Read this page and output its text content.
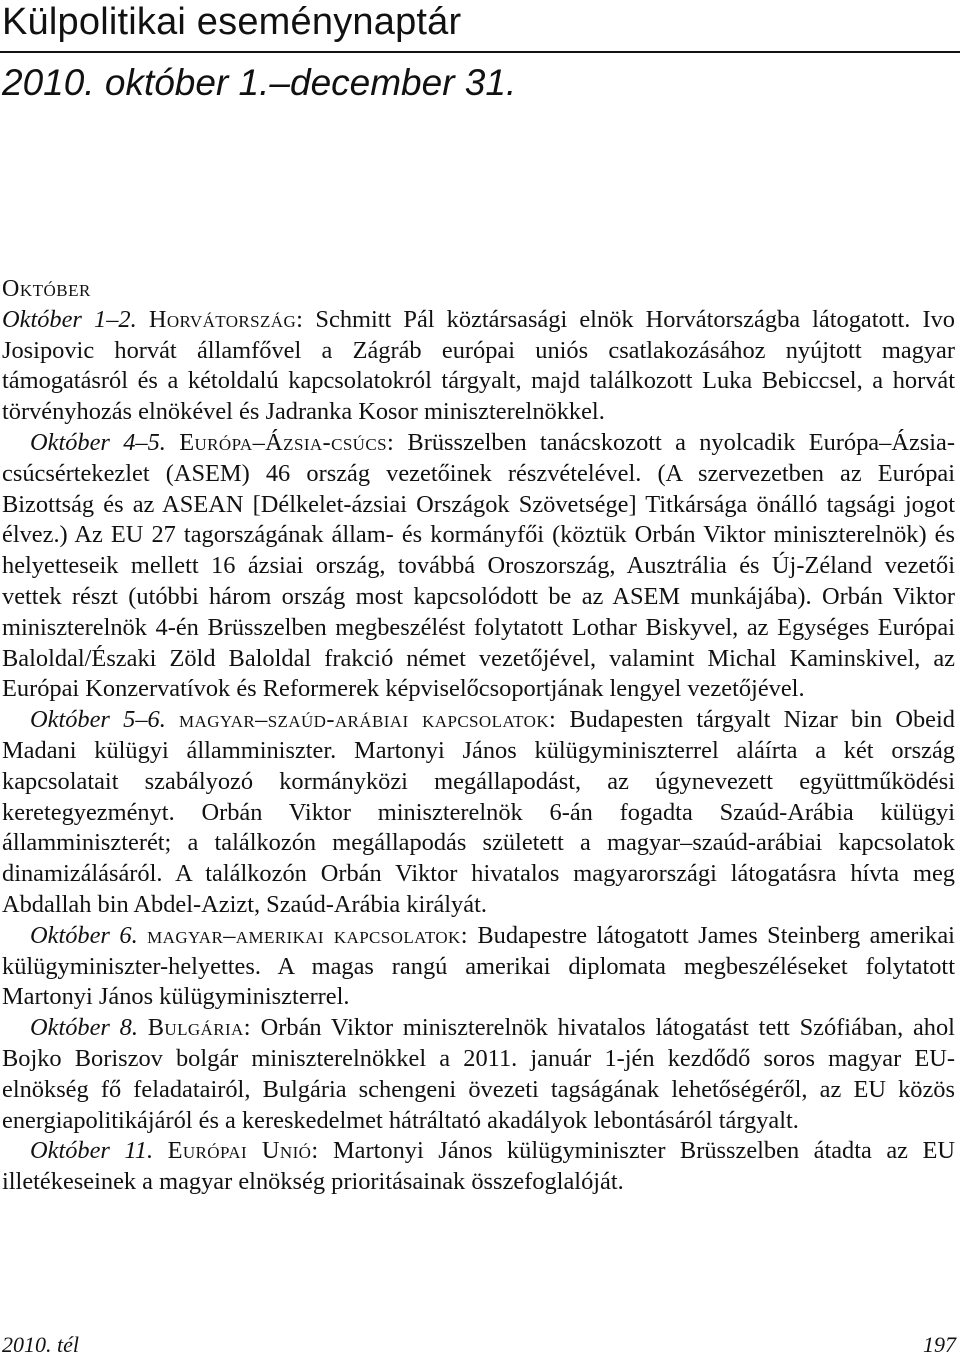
Külpolitikai eseménynaptár
2010. október 1.–december 31.
Október

Október 1–2. Horvátország: Schmitt Pál köztársasági elnök Horvátországba látogatott. Ivo Josipovic horvát államfővel a Zágráb európai uniós csatlakozásához nyújtott magyar támogatásról és a kétoldalú kapcsolatokról tárgyalt, majd találkozott Luka Bebiccsel, a horvát törvényhozás elnökével és Jadranka Kosor miniszterelnökkel.

Október 4–5. Európa–Ázsia-csúcs: Brüsszelben tanácskozott a nyolcadik Európa–Ázsia-csúcsértekezlet (ASEM) 46 ország vezetőinek részvételével. (A szervezetben az Európai Bizottság és az ASEAN [Délkelet-ázsiai Országok Szövetsége] Titkársága önálló tagsági jogot élvez.) Az EU 27 tagországának állam- és kormányfői (köztük Orbán Viktor miniszterelnök) és helyetteseik mellett 16 ázsiai ország, továbbá Oroszország, Ausztrália és Új-Zéland vezetői vettek részt (utóbbi három ország most kapcsolódott be az ASEM munkájába). Orbán Viktor miniszterelnök 4-én Brüsszelben megbeszélést folytatott Lothar Biskyvel, az Egységes Európai Baloldal/Északi Zöld Baloldal frakció német vezetőjével, valamint Michal Kaminskivel, az Európai Konzervatívok és Reformerek képviselőcsoportjának lengyel vezetőjével.

Október 5–6. magyar–szaúd-arábiai kapcsolatok: Budapesten tárgyalt Nizar bin Obeid Madani külügyi államminiszter. Martonyi János külügyminiszterrel aláírta a két ország kapcsolatait szabályozó kormányközi megállapodást, az úgynevezett együttműködési keretegyezményt. Orbán Viktor miniszterelnök 6-án fogadta Szaúd-Arábia külügyi államminiszterét; a találkozón megállapodás született a magyar–szaúd-arábiai kapcsolatok dinamizálásáról. A találkozón Orbán Viktor hivatalos magyarországi látogatásra hívta meg Abdallah bin Abdel-Azizt, Szaúd-Arábia királyát.

Október 6. magyar–amerikai kapcsolatok: Budapestre látogatott James Steinberg amerikai külügyminiszter-helyettes. A magas rangú amerikai diplomata megbeszéléseket folytatott Martonyi János külügyminiszterrel.

Október 8. Bulgária: Orbán Viktor miniszterelnök hivatalos látogatást tett Szófiában, ahol Bojko Boriszov bolgár miniszterelnökkel a 2011. január 1-jén kezdődő soros magyar EU-elnökség fő feladatairól, Bulgária schengeni övezeti tagságának lehetőségéről, az EU közös energiapolitikájáról és a kereskedelmet hátráltató akadályok lebontásáról tárgyalt.

Október 11. Európai Unió: Martonyi János külügyminiszter Brüsszelben átadta az EU illetékeseinek a magyar elnökség prioritásainak összefoglalóját.

2010. tél	197
